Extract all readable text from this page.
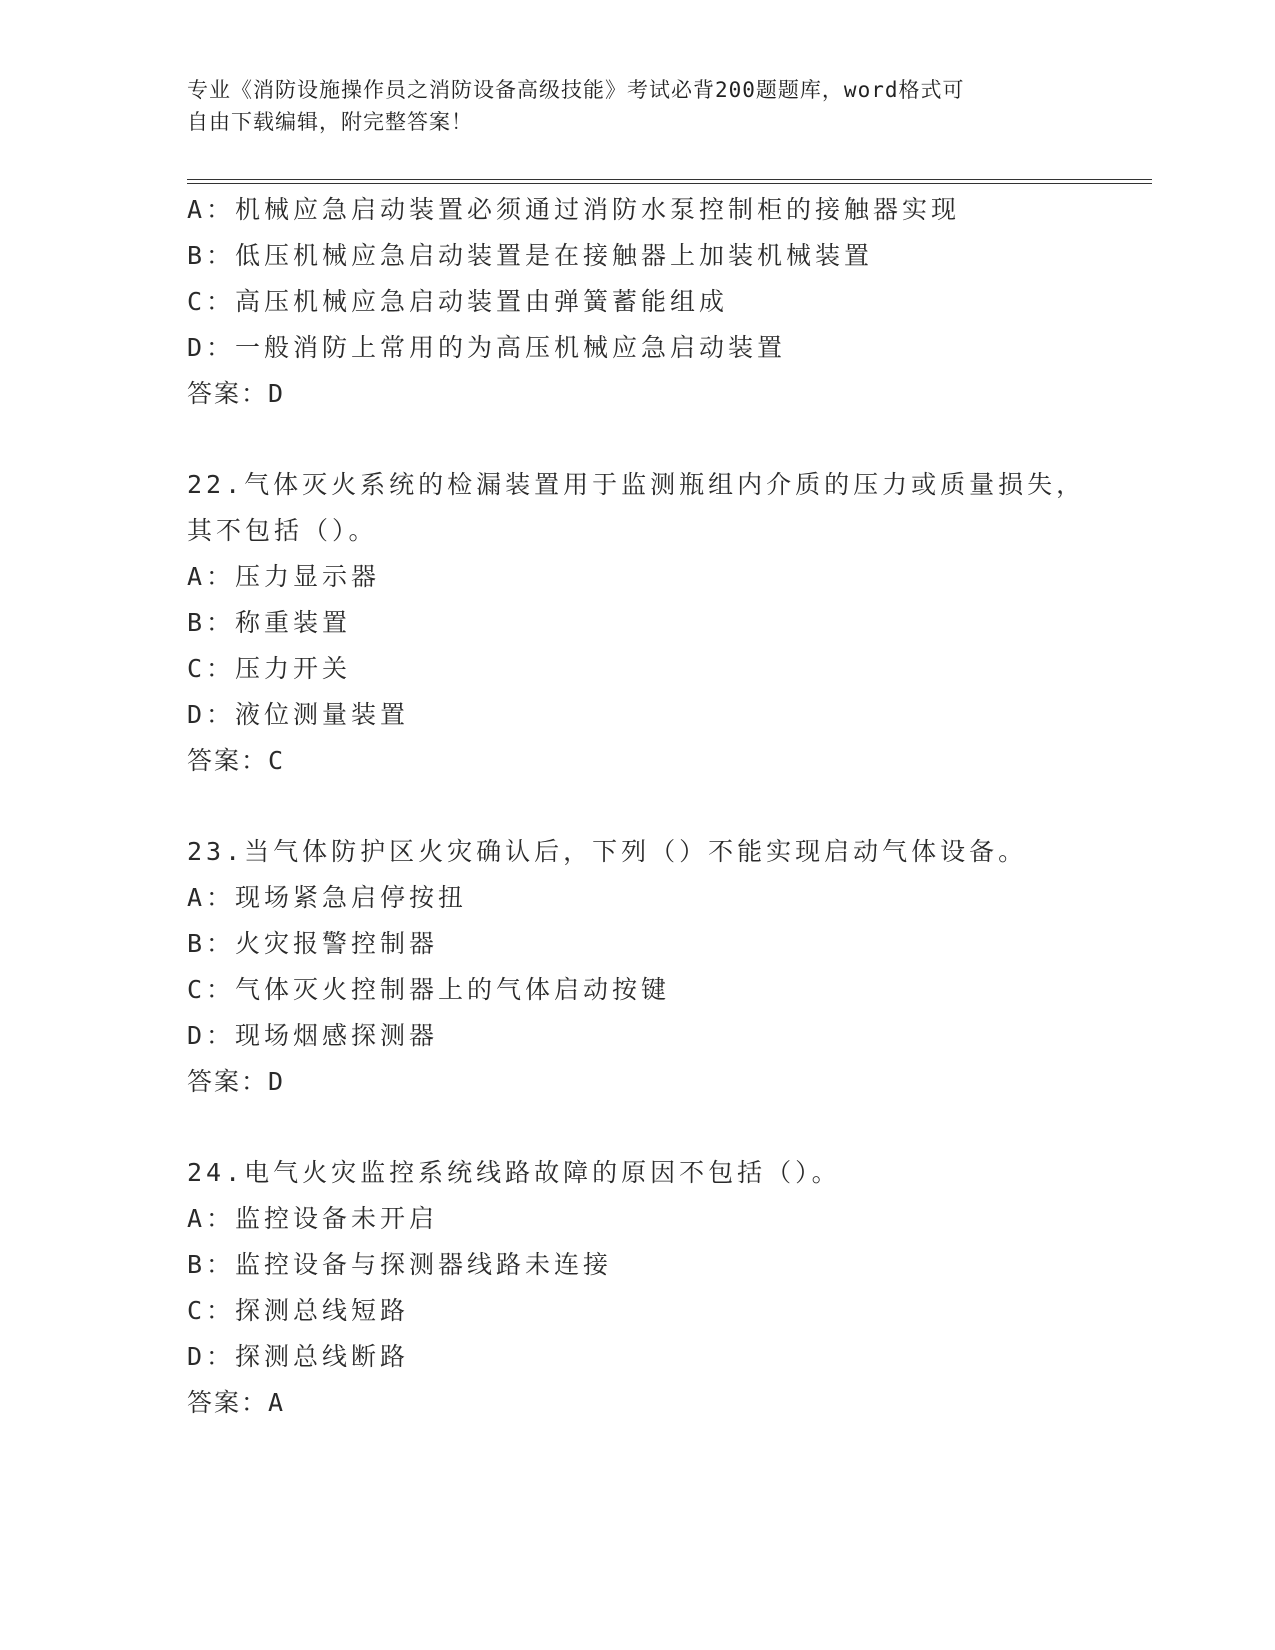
专业《消防设施操作员之消防设备高级技能》考试必背200题题库，word格式可
自由下载编辑，附完整答案！
A：机械应急启动装置必须通过消防水泵控制柜的接触器实现
B：低压机械应急启动装置是在接触器上加装机械装置
C：高压机械应急启动装置由弹簧蓄能组成
D：一般消防上常用的为高压机械应急启动装置
答案：D
22.气体灭火系统的检漏装置用于监测瓶组内介质的压力或质量损失，
其不包括（）。
A：压力显示器
B：称重装置
C：压力开关
D：液位测量装置
答案：C
23.当气体防护区火灾确认后，下列（）不能实现启动气体设备。
A：现场紧急启停按扭
B：火灾报警控制器
C：气体灭火控制器上的气体启动按键
D：现场烟感探测器
答案：D
24.电气火灾监控系统线路故障的原因不包括（）。
A：监控设备未开启
B：监控设备与探测器线路未连接
C：探测总线短路
D：探测总线断路
答案：A
